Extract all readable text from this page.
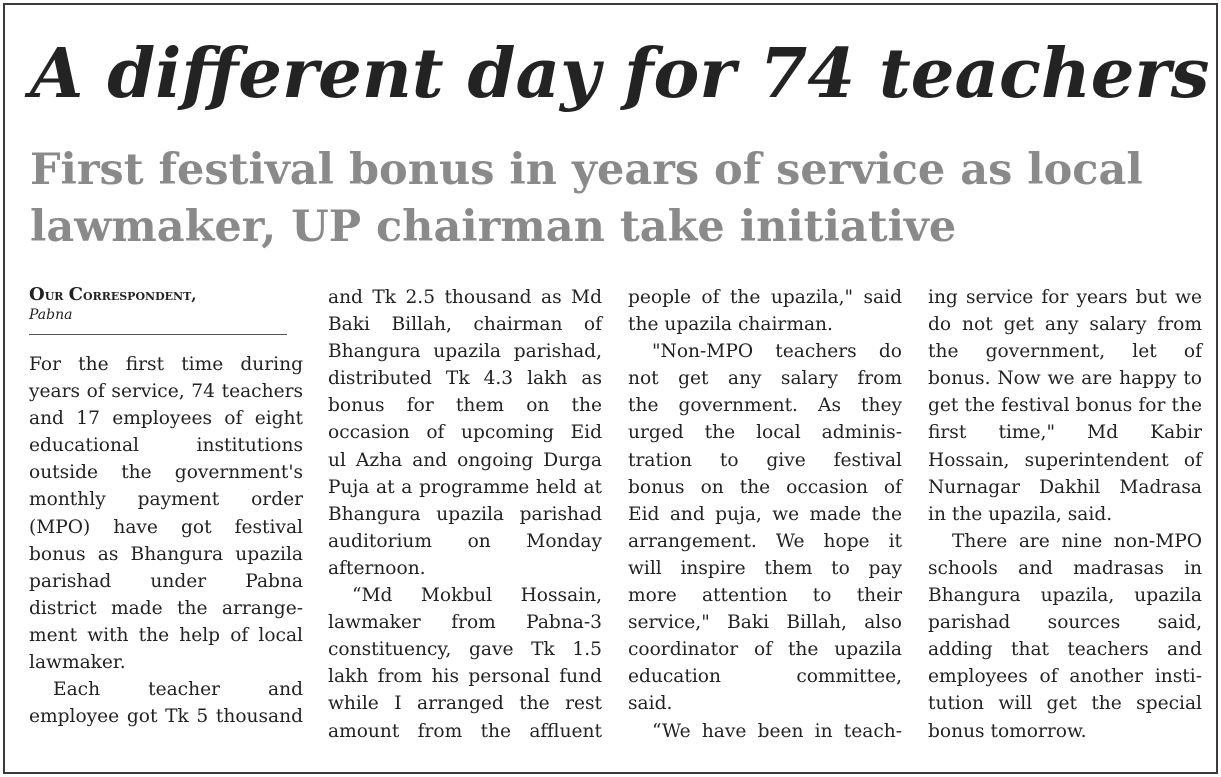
A different day for 74 teachers
First festival bonus in years of service as local
lawmaker, UP chairman take initiative
Our Correspondent,
Pabna
For the first time during
years of service, 74 teachers
and 17 employees of eight
educational institutions
outside the government's
monthly payment order
(MPO) have got festival
bonus as Bhangura upazila
parishad under Pabna
district made the arrange-
ment with the help of local
lawmaker.
Each teacher and
employee got Tk 5 thousand
and Tk 2.5 thousand as Md
Baki Billah, chairman of
Bhangura upazila parishad,
distributed Tk 4.3 lakh as
bonus for them on the
occasion of upcoming Eid
ul Azha and ongoing Durga
Puja at a programme held at
Bhangura upazila parishad
auditorium on Monday
afternoon.
“Md Mokbul Hossain,
lawmaker from Pabna-3
constituency, gave Tk 1.5
lakh from his personal fund
while I arranged the rest
amount from the affluent
people of the upazila," said
the upazila chairman.
"Non-MPO teachers do
not get any salary from
the government. As they
urged the local adminis-
tration to give festival
bonus on the occasion of
Eid and puja, we made the
arrangement. We hope it
will inspire them to pay
more attention to their
service," Baki Billah, also
coordinator of the upazila
education committee,
said.
“We have been in teach-
ing service for years but we
do not get any salary from
the government, let of
bonus. Now we are happy to
get the festival bonus for the
first time," Md Kabir
Hossain, superintendent of
Nurnagar Dakhil Madrasa
in the upazila, said.
There are nine non-MPO
schools and madrasas in
Bhangura upazila, upazila
parishad sources said,
adding that teachers and
employees of another insti-
tution will get the special
bonus tomorrow.
